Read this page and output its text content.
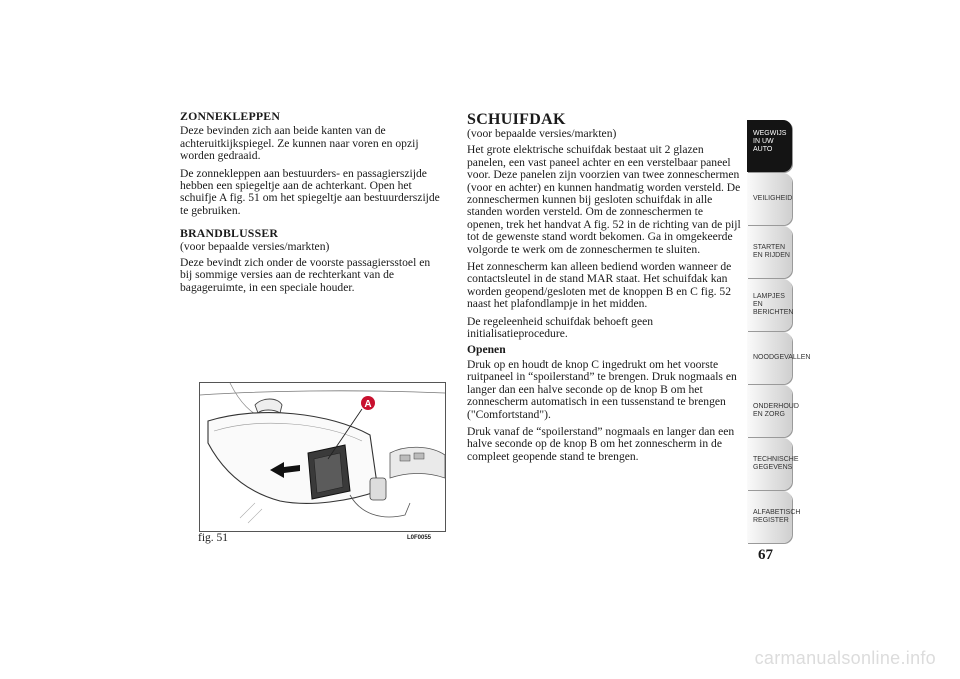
ZONNEKLEPPEN

Deze bevinden zich aan beide kanten van de achteruitkijkspiegel. Ze kunnen naar voren en opzij worden gedraaid.

De zonnekleppen aan bestuurders- en passagierszijde hebben een spiegeltje aan de achterkant. Open het schuifje A fig. 51 om het spiegeltje aan bestuurderszijde te gebruiken.

BRANDBLUSSER
(voor bepaalde versies/markten)

Deze bevindt zich onder de voorste passagiersstoel en bij sommige versies aan de rechterkant van de bagageruimte, in een speciale houder.

A
fig. 51	L0F0055
SCHUIFDAK
(voor bepaalde versies/markten)

Het grote elektrische schuifdak bestaat uit 2 glazen panelen, een vast paneel achter en een verstelbaar paneel voor. Deze panelen zijn voorzien van twee zonneschermen (voor en achter) en kunnen handmatig worden versteld. De zonneschermen kunnen bij gesloten schuifdak in alle standen worden versteld. Om de zonneschermen te openen, trek het handvat A fig. 52 in de richting van de pijl tot de gewenste stand wordt bekomen. Ga in omgekeerde volgorde te werk om de zonneschermen te sluiten.

Het zonnescherm kan alleen bediend worden wanneer de contactsleutel in de stand MAR staat. Het schuifdak kan worden geopend/gesloten met de knoppen B en C fig. 52 naast het plafondlampje in het midden.

De regeleenheid schuifdak behoeft geen initialisatieprocedure.

Openen

Druk op en houdt de knop C ingedrukt om het voorste ruitpaneel in “spoilerstand” te brengen. Druk nogmaals en langer dan een halve seconde op de knop B om het zonnescherm automatisch in een tussenstand te brengen ("Comfortstand").

Druk vanaf de “spoilerstand” nogmaals en langer dan een halve seconde op de knop B om het zonnescherm in de compleet geopende stand te brengen.

WEGWIJS IN UW AUTO
VEILIGHEID
STARTEN EN RIJDEN
LAMPJES EN BERICHTEN
NOODGEVALLEN
ONDERHOUD EN ZORG
TECHNISCHE GEGEVENS
ALFABETISCH REGISTER
67
carmanualsonline.info
